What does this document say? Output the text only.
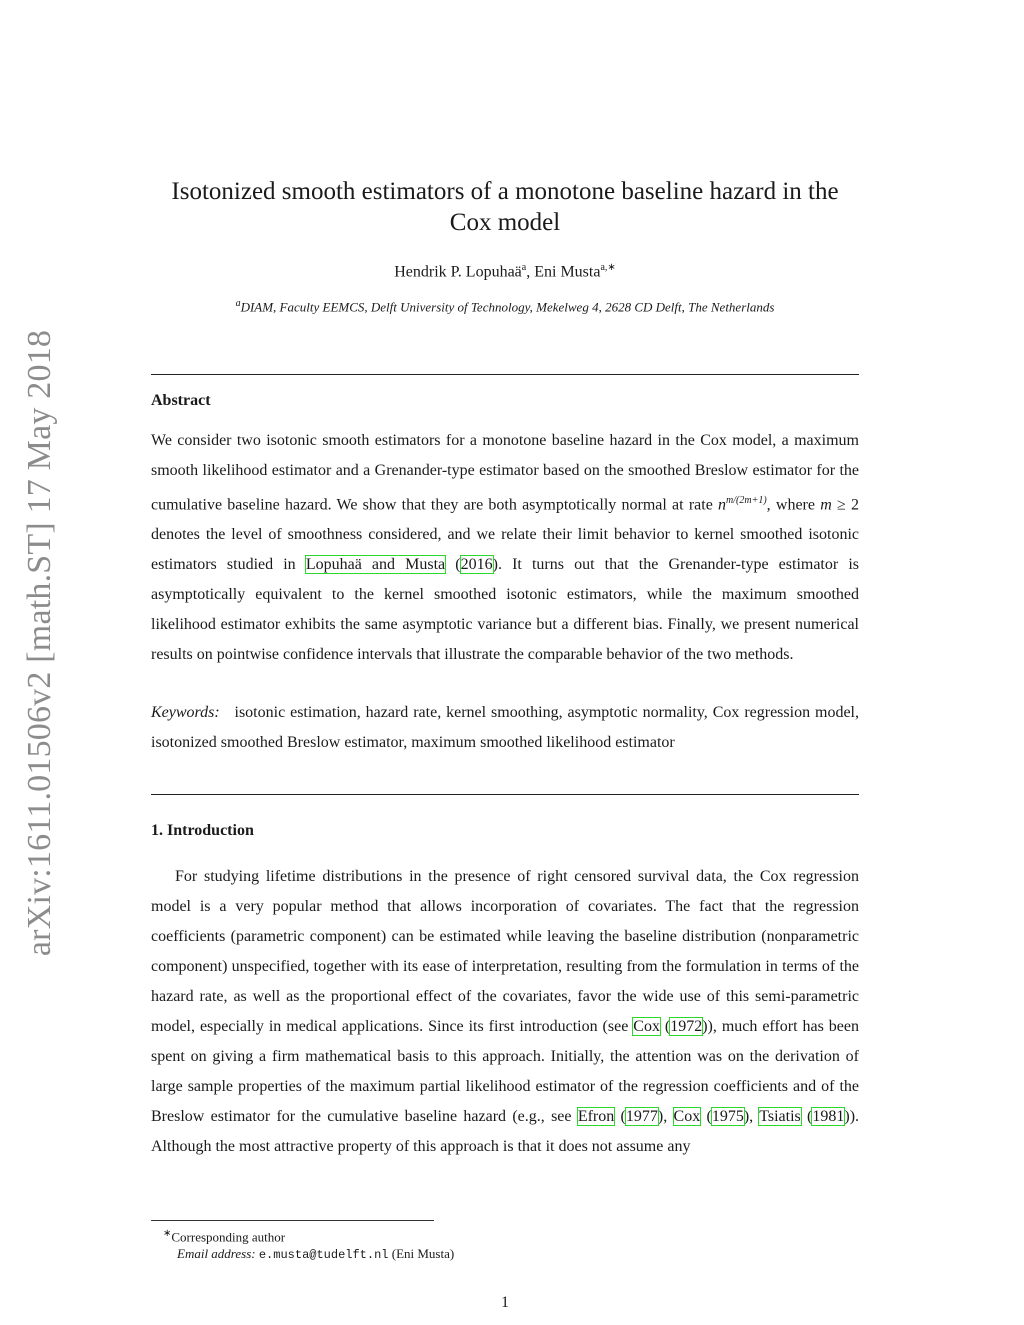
arXiv:1611.01506v2 [math.ST] 17 May 2018
Isotonized smooth estimators of a monotone baseline hazard in the
Cox model
Hendrik P. Lopuhaä$^a$, Eni Musta$^{a,∗}$
$^a$DIAM, Faculty EEMCS, Delft University of Technology, Mekelweg 4, 2628 CD Delft, The Netherlands
Abstract

We consider two isotonic smooth estimators for a monotone baseline hazard in the Cox model, a maximum smooth likelihood estimator and a Grenander-type estimator based on the smoothed Breslow estimator for the cumulative baseline hazard. We show that they are both asymptotically normal at rate $n^{m/(2m+1)}$, where m ≥ 2 denotes the level of smoothness considered, and we relate their limit behavior to kernel smoothed isotonic estimators studied in Lopuhaä and Musta (2016). It turns out that the Grenander-type estimator is asymptotically equivalent to the kernel smoothed isotonic estimators, while the maximum smoothed likelihood estimator exhibits the same asymptotic variance but a different bias. Finally, we present numerical results on pointwise confidence intervals that illustrate the comparable behavior of the two methods.

Keywords: isotonic estimation, hazard rate, kernel smoothing, asymptotic normality, Cox regression model, isotonized smoothed Breslow estimator, maximum smoothed likelihood estimator

1. Introduction

For studying lifetime distributions in the presence of right censored survival data, the Cox regression model is a very popular method that allows incorporation of covariates. The fact that the regression coefficients (parametric component) can be estimated while leaving the baseline distribution (nonparametric component) unspecified, together with its ease of interpretation, resulting from the formulation in terms of the hazard rate, as well as the proportional effect of the covariates, favor the wide use of this semi-parametric model, especially in medical applications. Since its first introduction (see Cox (1972)), much effort has been spent on giving a firm mathematical basis to this approach. Initially, the attention was on the derivation of large sample properties of the maximum partial likelihood estimator of the regression coefficients and of the Breslow estimator for the cumulative baseline hazard (e.g., see Efron (1977), Cox (1975), Tsiatis (1981)). Although the most attractive property of this approach is that it does not assume any

∗Corresponding author
Email address: e.musta@tudelft.nl (Eni Musta)
1
